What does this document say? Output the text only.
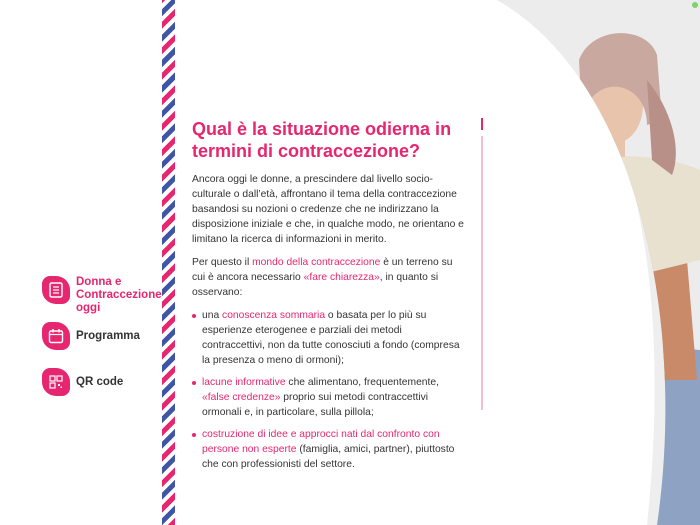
Donna e
Contraccezione
oggi
Programma
QR code
Qual è la situazione odierna in
termini di contraccezione?

Ancora oggi le donne, a prescindere dal livello socio-culturale o dall’età, affrontano il tema della contraccezione basandosi su nozioni o credenze che ne indirizzano la disposizione iniziale e che, in qualche modo, ne orientano e limitano la ricerca di informazioni in merito.

Per questo il mondo della contraccezione è un terreno su cui è ancora necessario «fare chiarezza», in quanto si osservano:

una conoscenza sommaria o basata per lo più su esperienze eterogenee e parziali dei metodi contraccettivi, non da tutte conosciuti a fondo (compresa la presenza o meno di ormoni);
lacune informative che alimentano, frequentemente, «false credenze» proprio sui metodi contraccettivi ormonali e, in particolare, sulla pillola;
costruzione di idee e approcci nati dal confronto con persone non esperte (famiglia, amici, partner), piuttosto che con professionisti del settore.
